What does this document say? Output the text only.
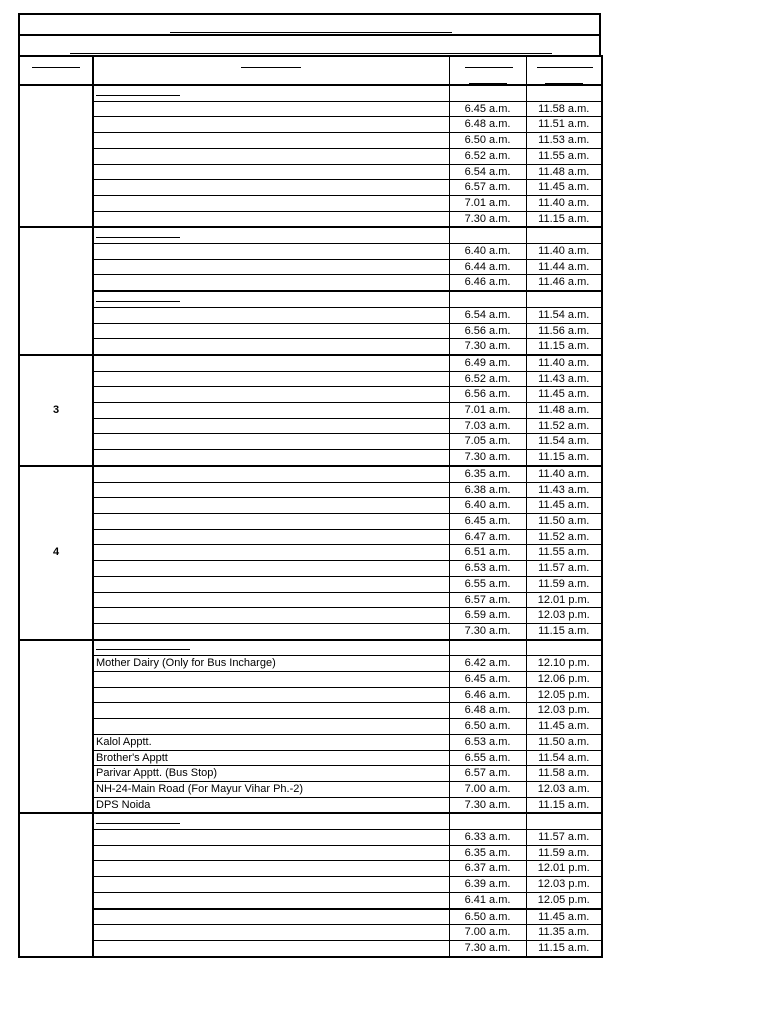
		6.45 a.m.	11.58 a.m.
		6.48 a.m.	11.51 a.m.
		6.50 a.m.	11.53 a.m.
		6.52 a.m.	11.55 a.m.
		6.54 a.m.	11.48 a.m.
		6.57 a.m.	11.45 a.m.
		7.01 a.m.	11.40 a.m.
		7.30 a.m.	11.15 a.m.

		6.40 a.m.	11.40 a.m.
		6.44 a.m.	11.44 a.m.
		6.46 a.m.	11.46 a.m.

		6.54 a.m.	11.54 a.m.
		6.56 a.m.	11.56 a.m.
		7.30 a.m.	11.15 a.m.
3		6.49 a.m.	11.40 a.m.
		6.52 a.m.	11.43 a.m.
		6.56 a.m.	11.45 a.m.
		7.01 a.m.	11.48 a.m.
		7.03 a.m.	11.52 a.m.
		7.05 a.m.	11.54 a.m.
		7.30 a.m.	11.15 a.m.
4		6.35 a.m.	11.40 a.m.
		6.38 a.m.	11.43 a.m.
		6.40 a.m.	11.45 a.m.
		6.45 a.m.	11.50 a.m.
		6.47 a.m.	11.52 a.m.
		6.51 a.m.	11.55 a.m.
		6.53 a.m.	11.57 a.m.
		6.55 a.m.	11.59 a.m.
		6.57 a.m.	12.01 p.m.
		6.59 a.m.	12.03 p.m.
		7.30 a.m.	11.15 a.m.

	Mother Dairy (Only for Bus Incharge)	6.42 a.m.	12.10 p.m.
		6.45 a.m.	12.06 p.m.
		6.46 a.m.	12.05 p.m.
		6.48 a.m.	12.03 p.m.
		6.50 a.m.	11.45 a.m.
	Kalol Apptt.	6.53 a.m.	11.50 a.m.
	Brother's Apptt	6.55 a.m.	11.54 a.m.
	Parivar Apptt. (Bus Stop)	6.57 a.m.	11.58 a.m.
	NH-24-Main Road (For Mayur Vihar Ph.-2)	7.00 a.m.	12.03 a.m.
	DPS Noida	7.30 a.m.	11.15 a.m.

		6.33 a.m.	11.57 a.m.
		6.35 a.m.	11.59 a.m.
		6.37 a.m.	12.01 p.m.
		6.39 a.m.	12.03 p.m.
		6.41 a.m.	12.05 p.m.
		6.50 a.m.	11.45 a.m.
		7.00 a.m.	11.35 a.m.
		7.30 a.m.	11.15 a.m.
